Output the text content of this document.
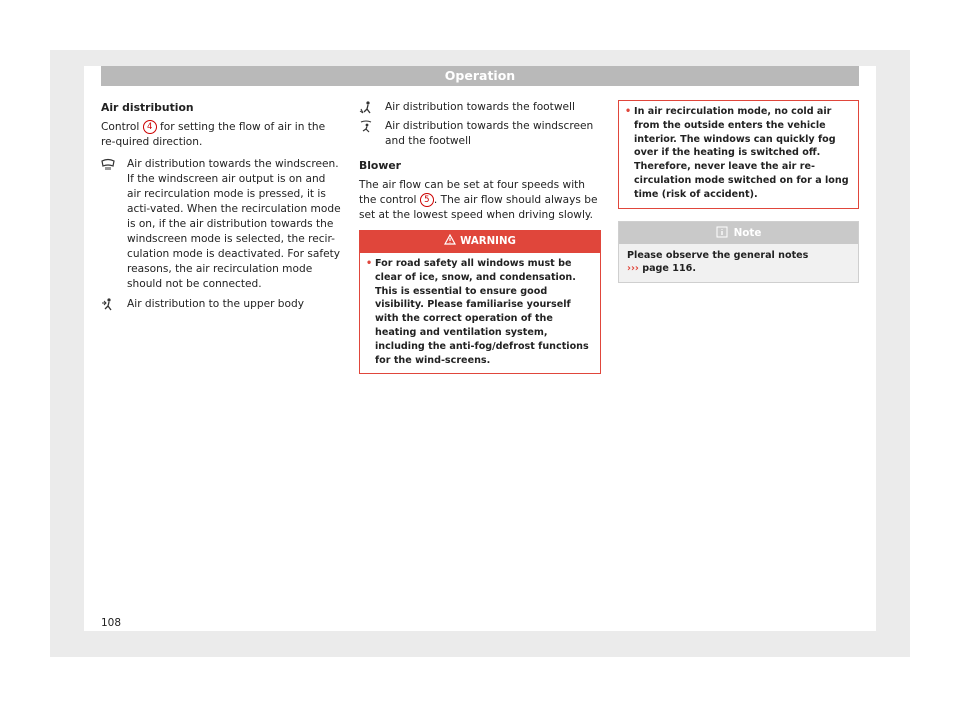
Operation
Air distribution

Control 4 for setting the flow of air in the re-quired direction.

Air distribution towards the windscreen. If the windscreen air output is on and air recirculation mode is pressed, it is acti-vated. When the recirculation mode is on, if the air distribution towards the windscreen mode is selected, the recir-culation mode is deactivated. For safety reasons, the air recirculation mode should not be connected.
Air distribution to the upper body
Air distribution towards the footwell
Air distribution towards the windscreen and the footwell
Blower

The air flow can be set at four speeds with the control 5 . The air flow should always be set at the lowest speed when driving slowly.

WARNING
• For road safety all windows must be clear of ice, snow, and condensation. This is essential to ensure good visibility. Please familiarise yourself with the correct operation of the heating and ventilation system, including the anti-fog/defrost functions for the wind-screens.
• In air recirculation mode, no cold air from the outside enters the vehicle interior. The windows can quickly fog over if the heating is switched off. Therefore, never leave the air re-circulation mode switched on for a long time (risk of accident).
Note
Please observe the general notes
››› page 116.
108
